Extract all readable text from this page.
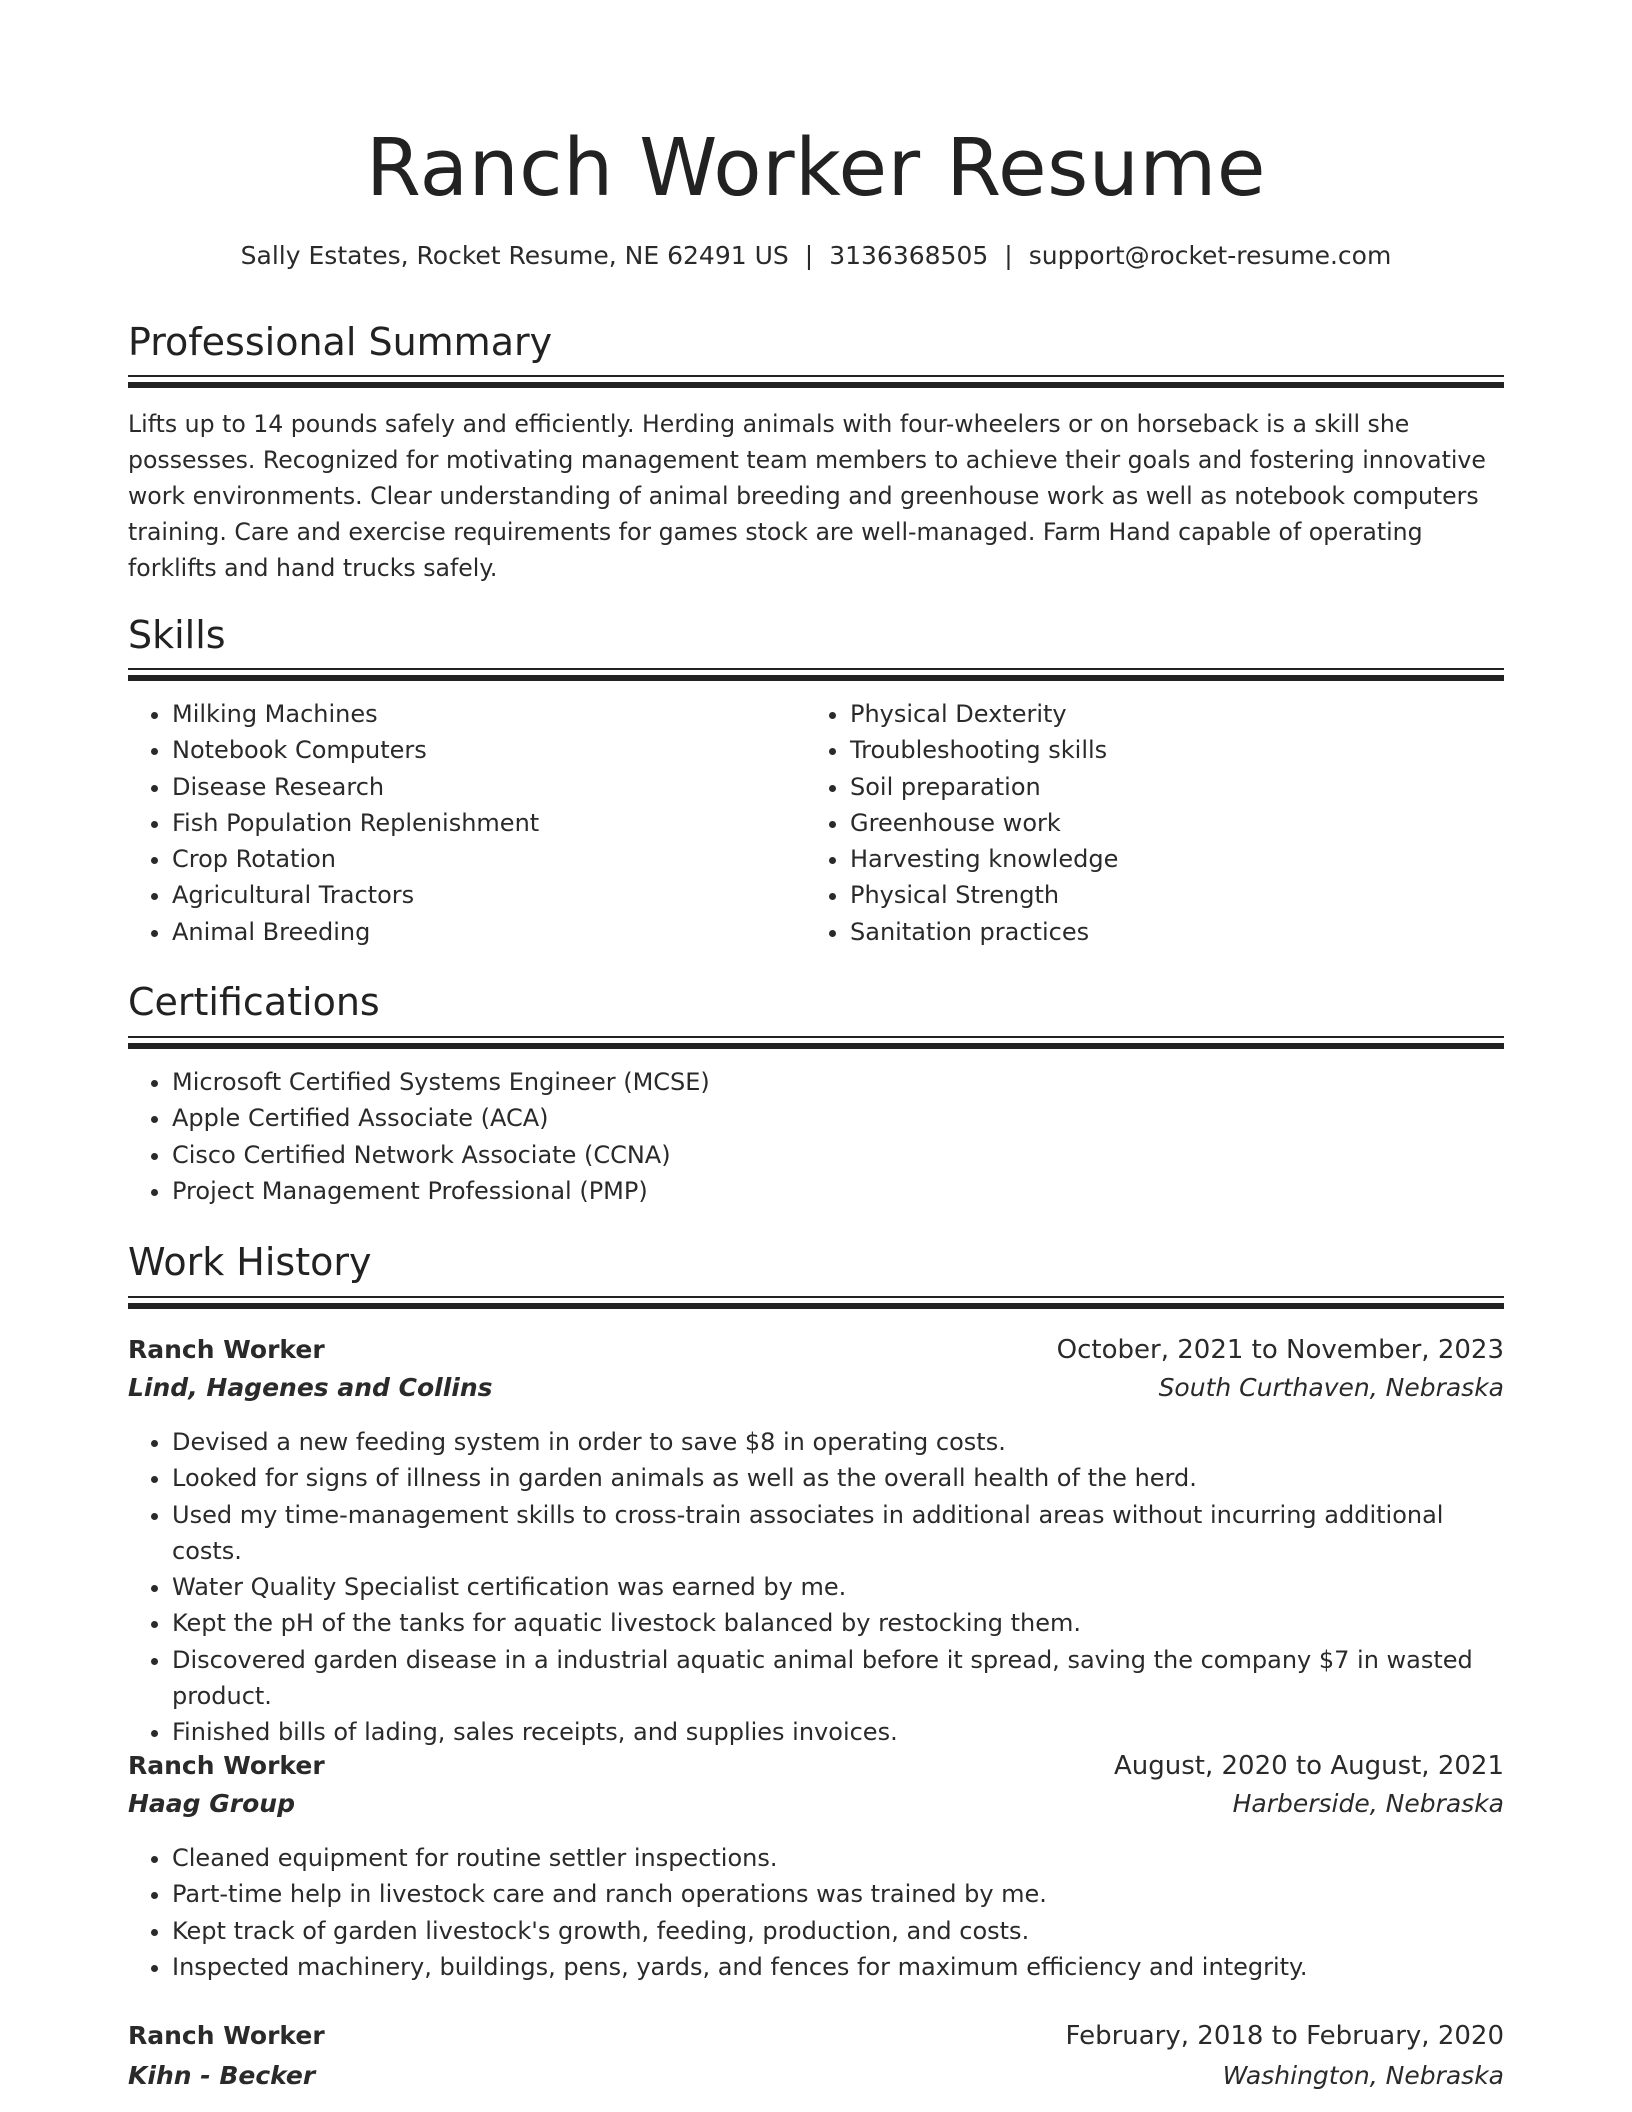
Ranch Worker Resume
Sally Estates, Rocket Resume, NE 62491 US | 3136368505 | support@rocket-resume.com
Professional Summary

Lifts up to 14 pounds safely and efficiently. Herding animals with four-wheelers or on horseback is a skill she possesses. Recognized for motivating management team members to achieve their goals and fostering innovative work environments. Clear understanding of animal breeding and greenhouse work as well as notebook computers training. Care and exercise requirements for games stock are well-managed. Farm Hand capable of operating forklifts and hand trucks safely.

Skills
• Milking Machines
• Notebook Computers
• Disease Research
• Fish Population Replenishment
• Crop Rotation
• Agricultural Tractors
• Animal Breeding
• Physical Dexterity
• Troubleshooting skills
• Soil preparation
• Greenhouse work
• Harvesting knowledge
• Physical Strength
• Sanitation practices
Certifications
• Microsoft Certified Systems Engineer (MCSE)
• Apple Certified Associate (ACA)
• Cisco Certified Network Associate (CCNA)
• Project Management Professional (PMP)
Work History
Ranch Worker	October, 2021 to November, 2023
Lind, Hagenes and Collins	South Curthaven, Nebraska
• Devised a new feeding system in order to save $8 in operating costs.
• Looked for signs of illness in garden animals as well as the overall health of the herd.
• Used my time-management skills to cross-train associates in additional areas without incurring additional costs.
• Water Quality Specialist certification was earned by me.
• Kept the pH of the tanks for aquatic livestock balanced by restocking them.
• Discovered garden disease in a industrial aquatic animal before it spread, saving the company $7 in wasted product.
• Finished bills of lading, sales receipts, and supplies invoices.
Ranch Worker	August, 2020 to August, 2021
Haag Group	Harberside, Nebraska
• Cleaned equipment for routine settler inspections.
• Part-time help in livestock care and ranch operations was trained by me.
• Kept track of garden livestock's growth, feeding, production, and costs.
• Inspected machinery, buildings, pens, yards, and fences for maximum efficiency and integrity.
Ranch Worker	February, 2018 to February, 2020
Kihn - Becker	Washington, Nebraska
